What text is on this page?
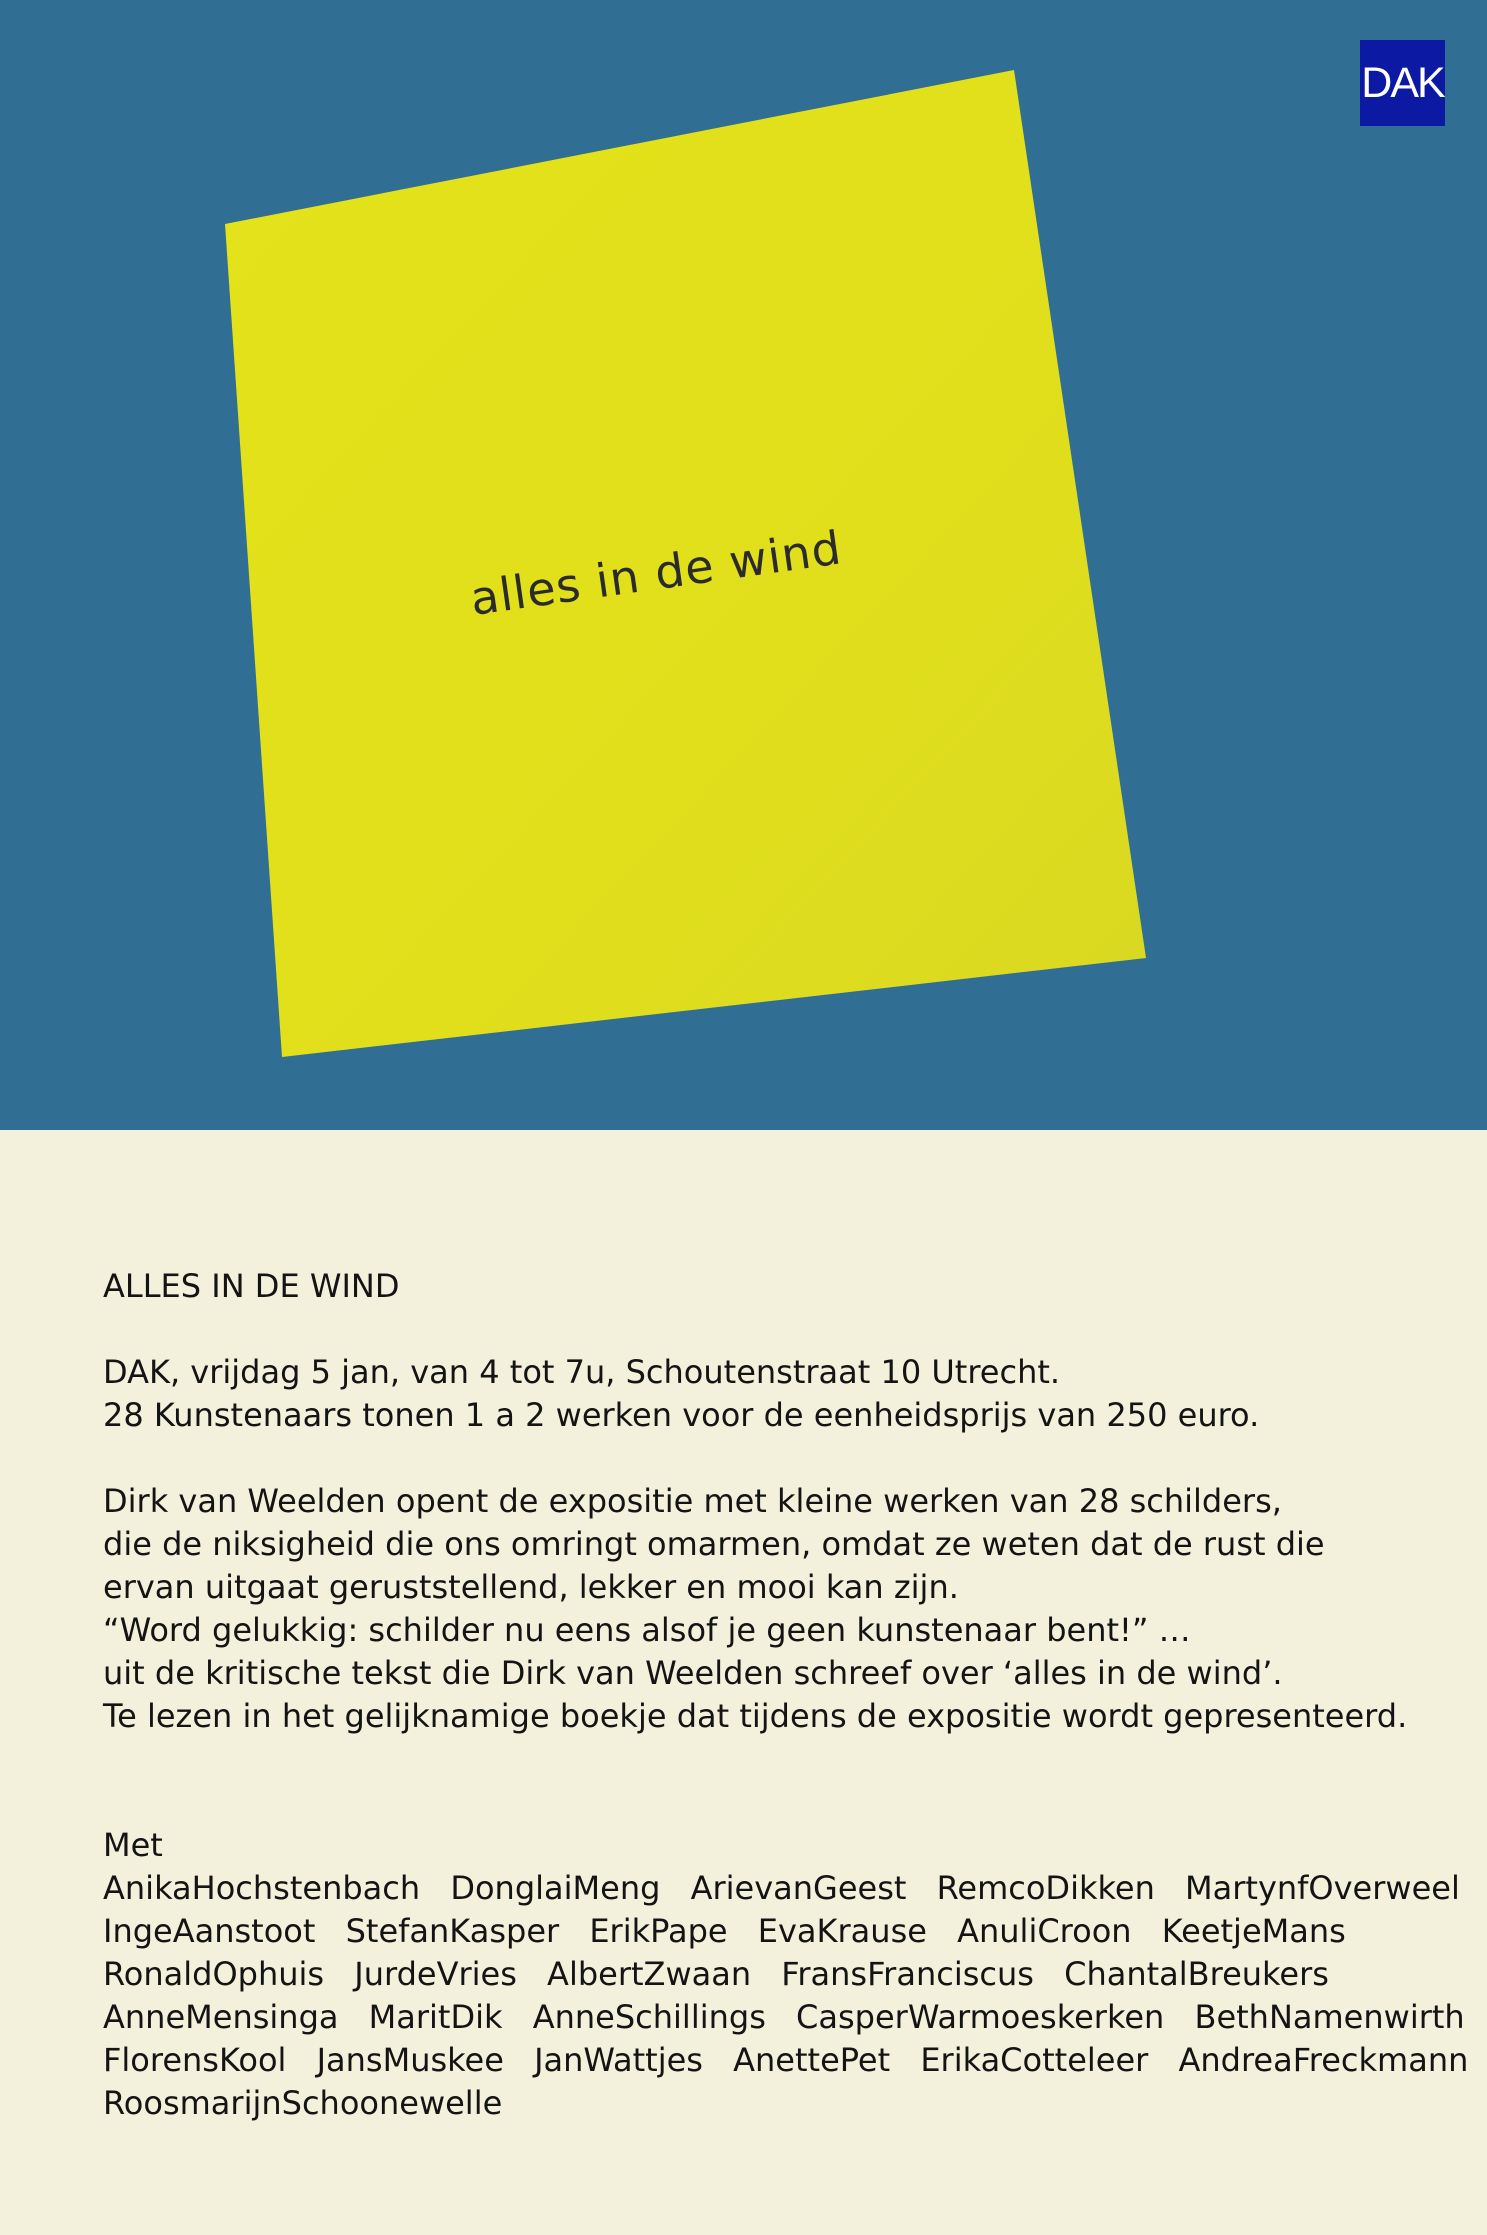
alles in de wind
DAK

ALLES IN DE WIND

DAK, vrijdag 5 jan, van 4 tot 7u, Schoutenstraat 10 Utrecht.

28 Kunstenaars tonen 1 a 2 werken voor de eenheidsprijs van 250 euro.

Dirk van Weelden opent de expositie met kleine werken van 28 schilders,

die de niksigheid die ons omringt omarmen, omdat ze weten dat de rust die

ervan uitgaat geruststellend, lekker en mooi kan zijn.

“Word gelukkig: schilder nu eens alsof je geen kunstenaar bent!” …

uit de kritische tekst die Dirk van Weelden schreef over ‘alles in de wind’.

Te lezen in het gelijknamige boekje dat tijdens de expositie wordt gepresenteerd.

Met

AnikaHochstenbach DonglaiMeng ArievanGeest RemcoDikken MartynfOverweel

IngeAanstoot StefanKasper ErikPape EvaKrause AnuliCroon KeetjeMans

RonaldOphuis JurdeVries AlbertZwaan FransFranciscus ChantalBreukers

AnneMensinga MaritDik AnneSchillings CasperWarmoeskerken BethNamenwirth

FlorensKool JansMuskee JanWattjes AnettePet ErikaCotteleer AndreaFreckmann

RoosmarijnSchoonewelle
